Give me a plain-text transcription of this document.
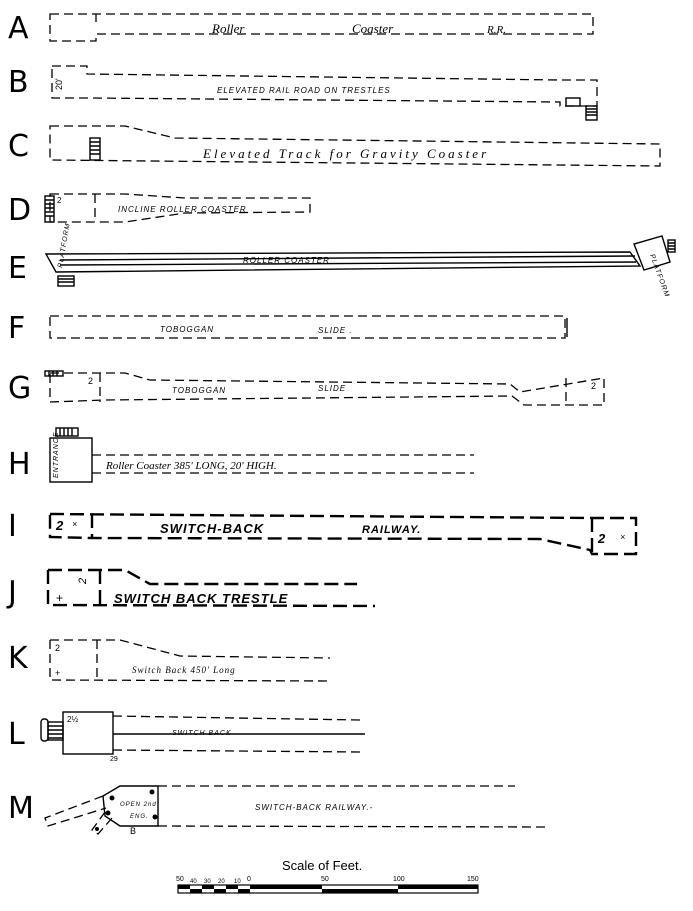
A
B
C
D
E
F
G
H
I
J
K
L
M
Roller	Coaster	R.R.
20'
ELEVATED RAIL ROAD ON TRESTLES
Elevated Track for Gravity Coaster
2
INCLINE ROLLER COASTER
PLATFORM
PLATFORM
ROLLER COASTER
TOBOGGAN	SLIDE .
2	2
TOBOGGAN	SLIDE
ENTRANCE	Roller Coaster 385' LONG, 20' HIGH.
2 ×
2 ×
SWITCH-BACK	RAILWAY.
2
+	SWITCH BACK TRESTLE
2
+	Switch Back 450' Long
2½
29
SWITCH BACK
OPEN 2nd
ENG.
B
SWITCH-BACK RAILWAY.-
Scale of Feet.
50 40 30 20 10 0	50	100	150
